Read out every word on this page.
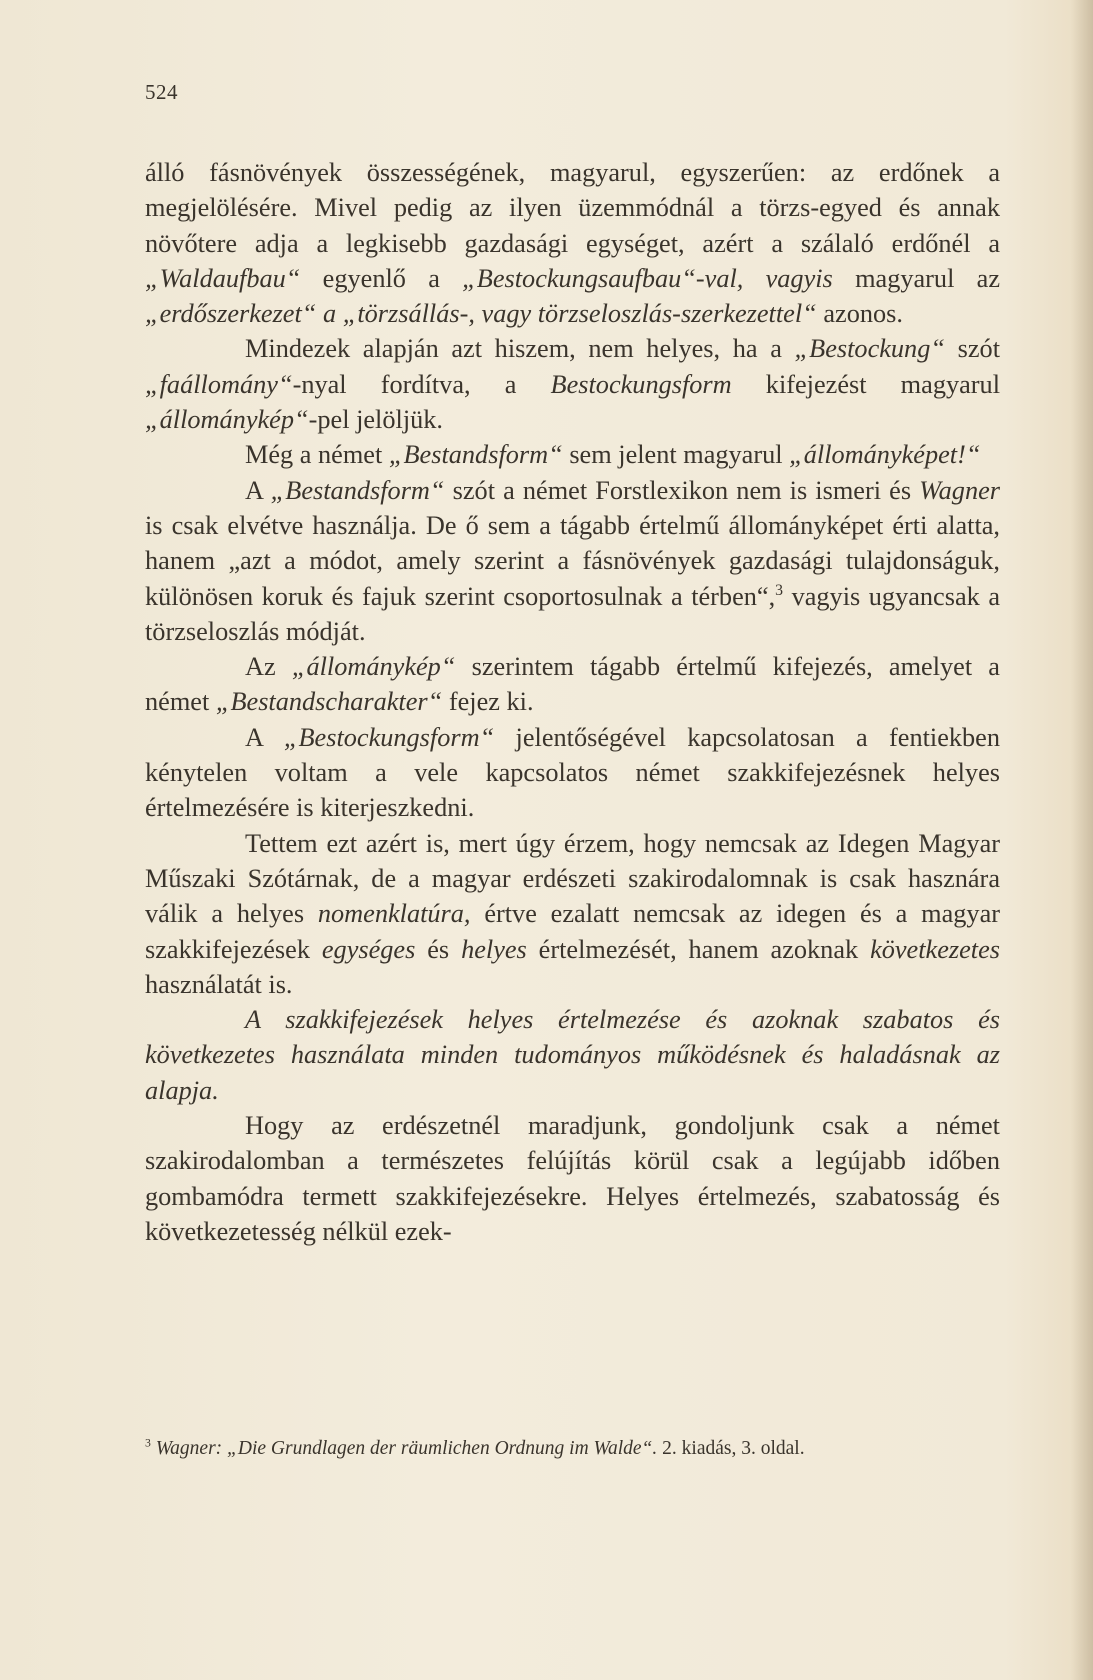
524

álló fásnövények összességének, magyarul, egyszerűen: az erdőnek a megjelölésére. Mivel pedig az ilyen üzemmódnál a törzs-egyed és annak növőtere adja a legkisebb gazdasági egységet, azért a szálaló erdőnél a „Waldaufbau“ egyenlő a „Bestockungsaufbau“-val, vagyis magyarul az „erdőszerkezet“ a „törzsállás-, vagy törzseloszlás-szerkezettel“ azonos.

Mindezek alapján azt hiszem, nem helyes, ha a „Bestockung“ szót „faállomány“-nyal fordítva, a Bestockungsform kifejezést magyarul „állománykép“-pel jelöljük.

Még a német „Bestandsform“ sem jelent magyarul „állományképet!“

A „Bestandsform“ szót a német Forstlexikon nem is ismeri és Wagner is csak elvétve használja. De ő sem a tágabb értelmű állományképet érti alatta, hanem „azt a módot, amely szerint a fásnövények gazdasági tulajdonságuk, különösen koruk és fajuk szerint csoportosulnak a térben“,$^3$ vagyis ugyancsak a törzseloszlás módját.

Az „állománykép“ szerintem tágabb értelmű kifejezés, amelyet a német „Bestandscharakter“ fejez ki.

A „Bestockungsform“ jelentőségével kapcsolatosan a fentiekben kénytelen voltam a vele kapcsolatos német szakkifejezésnek helyes értelmezésére is kiterjeszkedni.

Tettem ezt azért is, mert úgy érzem, hogy nemcsak az Idegen Magyar Műszaki Szótárnak, de a magyar erdészeti szakirodalomnak is csak hasznára válik a helyes nomenklatúra, értve ezalatt nemcsak az idegen és a magyar szakkifejezések egységes és helyes értelmezését, hanem azoknak következetes használatát is.

A szakkifejezések helyes értelmezése és azoknak szabatos és következetes használata minden tudományos működésnek és haladásnak az alapja.

Hogy az erdészetnél maradjunk, gondoljunk csak a német szakirodalomban a természetes felújítás körül csak a legújabb időben gombamódra termett szakkifejezésekre. Helyes értelmezés, szabatosság és következetesség nélkül ezek-

$^3$ Wagner: „Die Grundlagen der räumlichen Ordnung im Walde“. 2. kiadás, 3. oldal.
